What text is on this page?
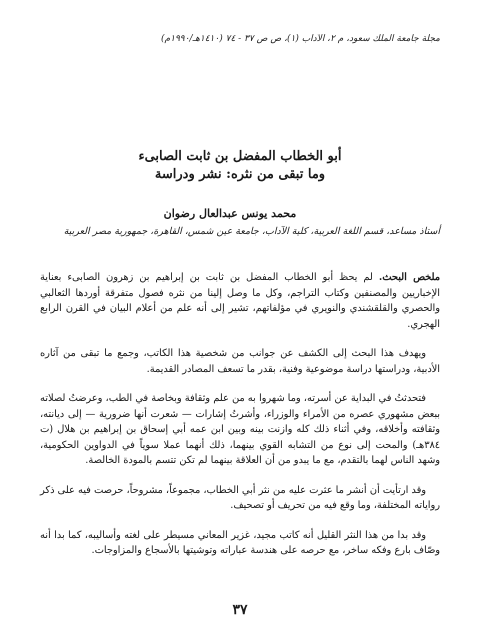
مجلة جامعة الملك سعود، م ٢، الآداب (١)، ص ص ٣٧ - ٧٤ (١٤١٠هـ/١٩٩٠م)

أبو الخطاب المفضل بن ثابت الصابىء

وما تبقى من نثره: نشر ودراسة

محمد يونس عبدالعال رضوان
أستاذ مساعد، قسم اللغة العربية، كلية الآداب، جامعة عين شمس، القاهرة، جمهورية مصر العربية

ملخص البحث. لم يحظ أبو الخطاب المفضل بن ثابت بن إبراهيم بن زهرون الصابىء بعناية الإخباريين والمصنفين وكتاب التراجم، وكل ما وصل إلينا من نثره فصول متفرقة أوردها الثعالبي والحصري والقلقشندي والنويري في مؤلفاتهم، تشير إلى أنه علم من أعلام البيان في القرن الرابع الهجري.

ويهدف هذا البحث إلى الكشف عن جوانب من شخصية هذا الكاتب، وجمع ما تبقى من آثاره الأدبية، ودراستها دراسة موضوعية وفنية، بقدر ما تسعف المصادر القديمة.

فتحدثتُ في البداية عن أسرته، وما شهروا به من علم وثقافة وبخاصة في الطب، وعرضتُ لصلاته ببعض مشهوري عصره من الأمراء والوزراء، وأشرتُ إشارات — شعرت أنها ضرورية — إلى ديانته، وثقافته وأخلاقه، وفي أثناء ذلك كله وازنت بينه وبين ابن عمه أبي إسحاق بن إبراهيم بن هلال (ت ٣٨٤هـ) والمحت إلى نوع من التشابه القوي بينهما، ذلك أنهما عملا سوياً في الدواوين الحكومية، وشهد الناس لهما بالتقدم، مع ما يبدو من أن العلاقة بينهما لم تكن تتسم بالمودة الخالصة.

وقد ارتأيت أن أنشر ما عثرت عليه من نثر أبي الخطاب، مجموعاً، مشروحاً، حرصت فيه على ذكر رواياته المختلفة، وما وقع فيه من تحريف أو تصحيف.

وقد بدا من هذا النثر القليل أنه كاتب مجيد، غزير المعاني مسيطر على لغته وأساليبه، كما بدا أنه وصّاف بارع وفكه ساخر، مع حرصه على هندسة عباراته وتوشيتها بالأسجاع والمزاوجات.

٣٧
